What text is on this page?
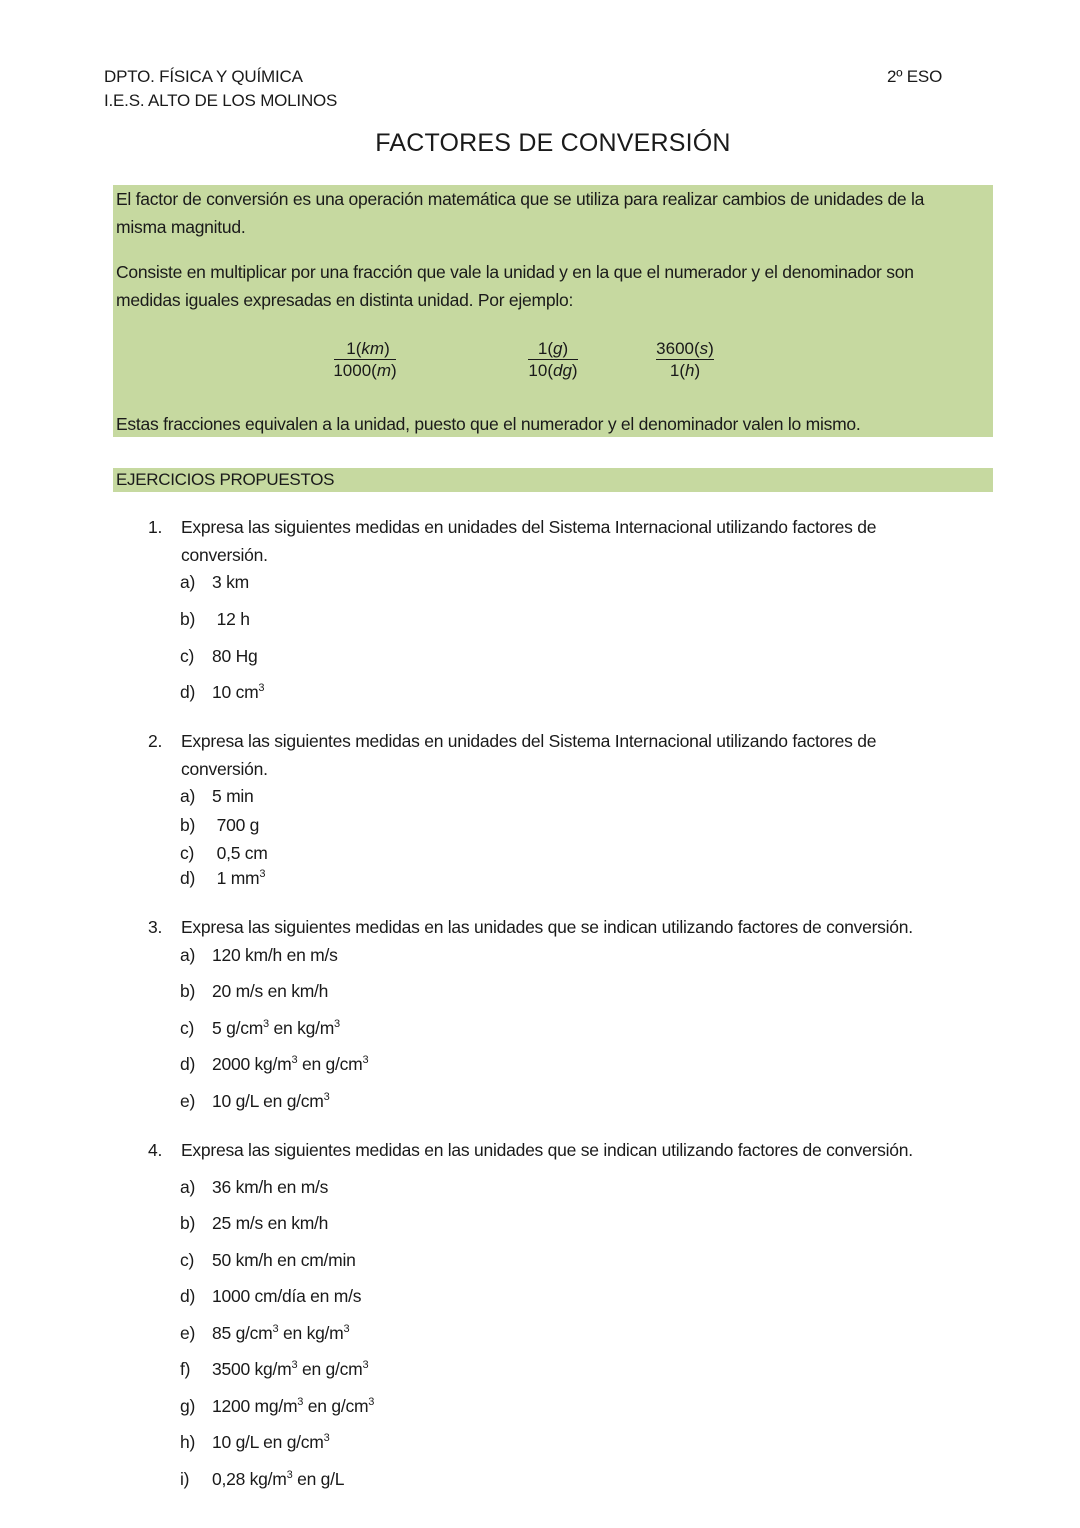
DPTO. FÍSICA Y QUÍMICA
I.E.S. ALTO DE LOS MOLINOS
2º ESO
FACTORES DE CONVERSIÓN
El factor de conversión es una operación matemática que se utiliza para realizar cambios de unidades de la
misma magnitud.
Consiste en multiplicar por una fracción que vale la unidad y en la que el numerador y el denominador son
medidas iguales expresadas en distinta unidad. Por ejemplo:
$\frac{1(km)}{1000(m)}$	$\frac{1(g)}{10(dg)}$	$\frac{3600(s)}{1(h)}$
Estas fracciones equivalen a la unidad, puesto que el numerador y el denominador valen lo mismo.
EJERCICIOS PROPUESTOS
1. Expresa las siguientes medidas en unidades del Sistema Internacional utilizando factores de
conversión.
a) 3 km
b) 12 h
c) 80 Hg
d) 10 $cm^3$
2. Expresa las siguientes medidas en unidades del Sistema Internacional utilizando factores de
conversión.
a) 5 min
b) 700 g
c) 0,5 cm
d) 1 $mm^3$
3. Expresa las siguientes medidas en las unidades que se indican utilizando factores de conversión.
a) 120 km/h en m/s
b) 20 m/s en km/h
c) 5 $g/cm^3$ en $kg/m^3$
d) 2000 $kg/m^3$ en $g/cm^3$
e) 10 g/L en $g/cm^3$
4. Expresa las siguientes medidas en las unidades que se indican utilizando factores de conversión.
a) 36 km/h en m/s
b) 25 m/s en km/h
c) 50 km/h en cm/min
d) 1000 cm/día en m/s
e) 85 $g/cm^3$ en $kg/m^3$
f) 3500 $kg/m^3$ en $g/cm^3$
g) 1200 $mg/m^3$ en $g/cm^3$
h) 10 g/L en $g/cm^3$
i) 0,28 $kg/m^3$ en g/L
